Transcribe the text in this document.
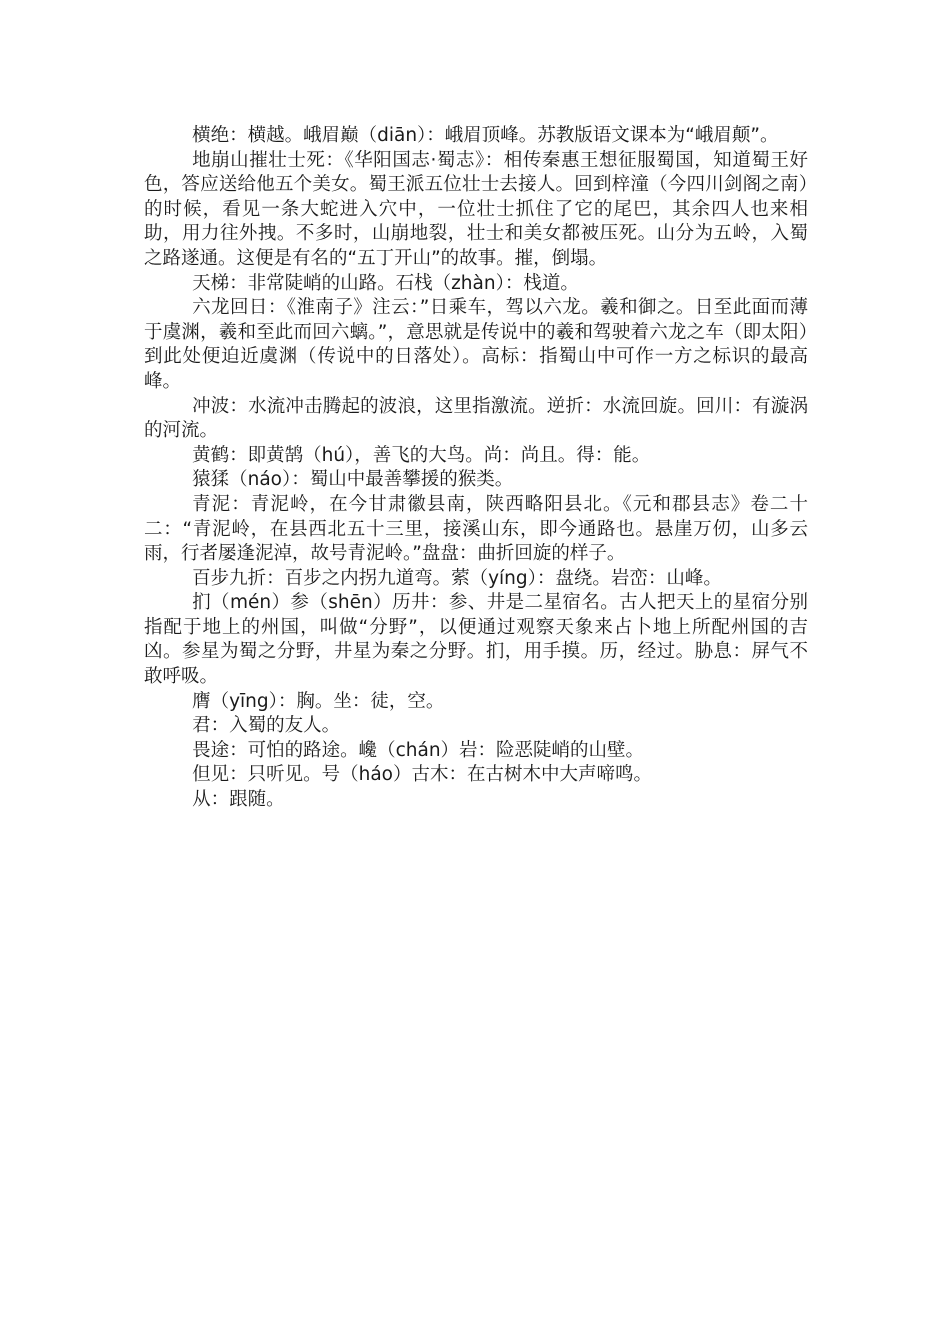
横绝：横越。峨眉巅（diān）：峨眉顶峰。苏教版语文课本为“峨眉颠”。

地崩山摧壮士死：《华阳国志·蜀志》：相传秦惠王想征服蜀国，知道蜀王好色，答应送给他五个美女。蜀王派五位壮士去接人。回到梓潼（今四川剑阁之南）的时候，看见一条大蛇进入穴中，一位壮士抓住了它的尾巴，其余四人也来相助，用力往外拽。不多时，山崩地裂，壮士和美女都被压死。山分为五岭，入蜀之路遂通。这便是有名的“五丁开山”的故事。摧，倒塌。

天梯：非常陡峭的山路。石栈（zhàn）：栈道。

六龙回日：《淮南子》注云：”日乘车，驾以六龙。羲和御之。日至此面而薄于虞渊，羲和至此而回六螭。”，意思就是传说中的羲和驾驶着六龙之车（即太阳）到此处便迫近虞渊（传说中的日落处）。高标：指蜀山中可作一方之标识的最高峰。

冲波：水流冲击腾起的波浪，这里指激流。逆折：水流回旋。回川：有漩涡的河流。

黄鹤：即黄鹄（hú），善飞的大鸟。尚：尚且。得：能。

猿猱（náo）：蜀山中最善攀援的猴类。

青泥：青泥岭，在今甘肃徽县南，陕西略阳县北。《元和郡县志》卷二十二：“青泥岭，在县西北五十三里，接溪山东，即今通路也。悬崖万仞，山多云雨，行者屡逢泥淖，故号青泥岭。”盘盘：曲折回旋的样子。

百步九折：百步之内拐九道弯。萦（yíng）：盘绕。岩峦：山峰。

扪（mén）参（shēn）历井：参、井是二星宿名。古人把天上的星宿分别指配于地上的州国，叫做“分野”，以便通过观察天象来占卜地上所配州国的吉凶。参星为蜀之分野，井星为秦之分野。扪，用手摸。历，经过。胁息：屏气不敢呼吸。

膺（yīng）：胸。坐：徒，空。

君：入蜀的友人。

畏途：可怕的路途。巉（chán）岩：险恶陡峭的山壁。

但见：只听见。号（háo）古木：在古树木中大声啼鸣。

从：跟随。
